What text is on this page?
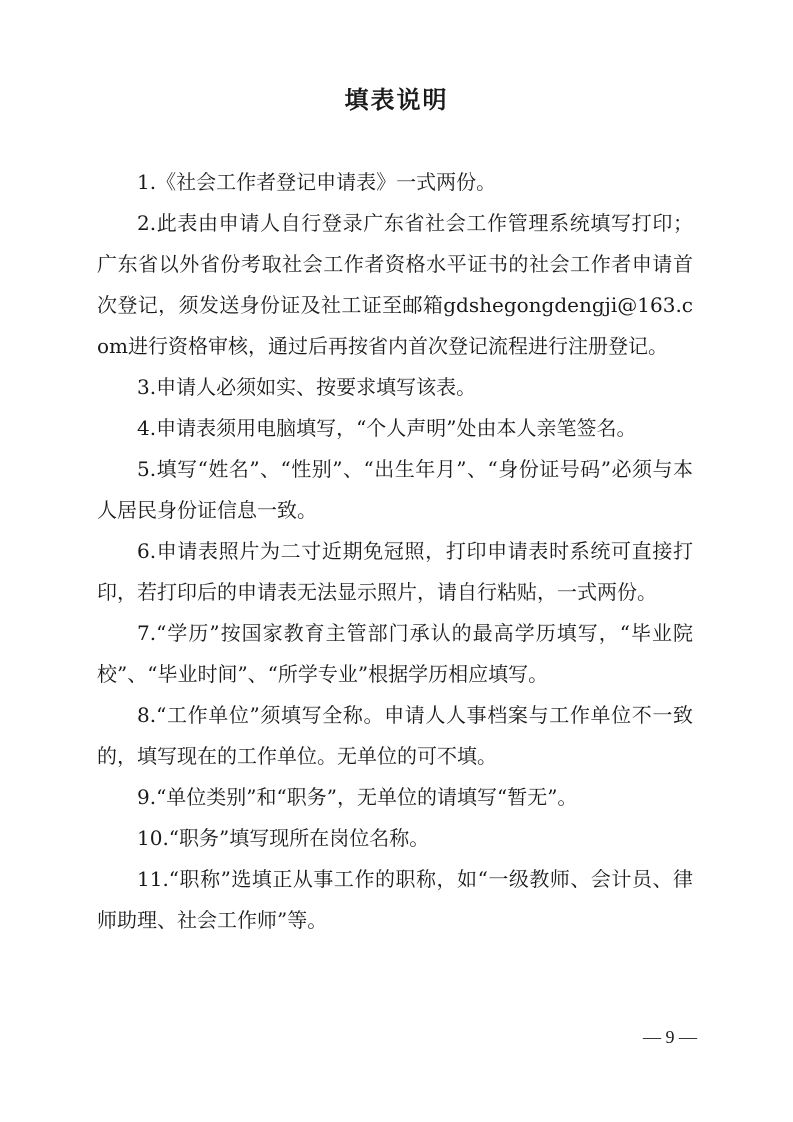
填表说明
1.《社会工作者登记申请表》一式两份。
2.此表由申请人自行登录广东省社会工作管理系统填写打印；广东省以外省份考取社会工作者资格水平证书的社会工作者申请首次登记，须发送身份证及社工证至邮箱gdshegongdengji@163.com进行资格审核，通过后再按省内首次登记流程进行注册登记。
3.申请人必须如实、按要求填写该表。
4.申请表须用电脑填写，“个人声明”处由本人亲笔签名。
5.填写“姓名”、“性别”、“出生年月”、“身份证号码”必须与本人居民身份证信息一致。
6.申请表照片为二寸近期免冠照，打印申请表时系统可直接打印，若打印后的申请表无法显示照片，请自行粘贴，一式两份。
7.“学历”按国家教育主管部门承认的最高学历填写，“毕业院校”、“毕业时间”、“所学专业”根据学历相应填写。
8.“工作单位”须填写全称。申请人人事档案与工作单位不一致的，填写现在的工作单位。无单位的可不填。
9.“单位类别”和“职务”，无单位的请填写“暂无”。
10.“职务”填写现所在岗位名称。
11.“职称”选填正从事工作的职称，如“一级教师、会计员、律师助理、社会工作师”等。
— 9 —
